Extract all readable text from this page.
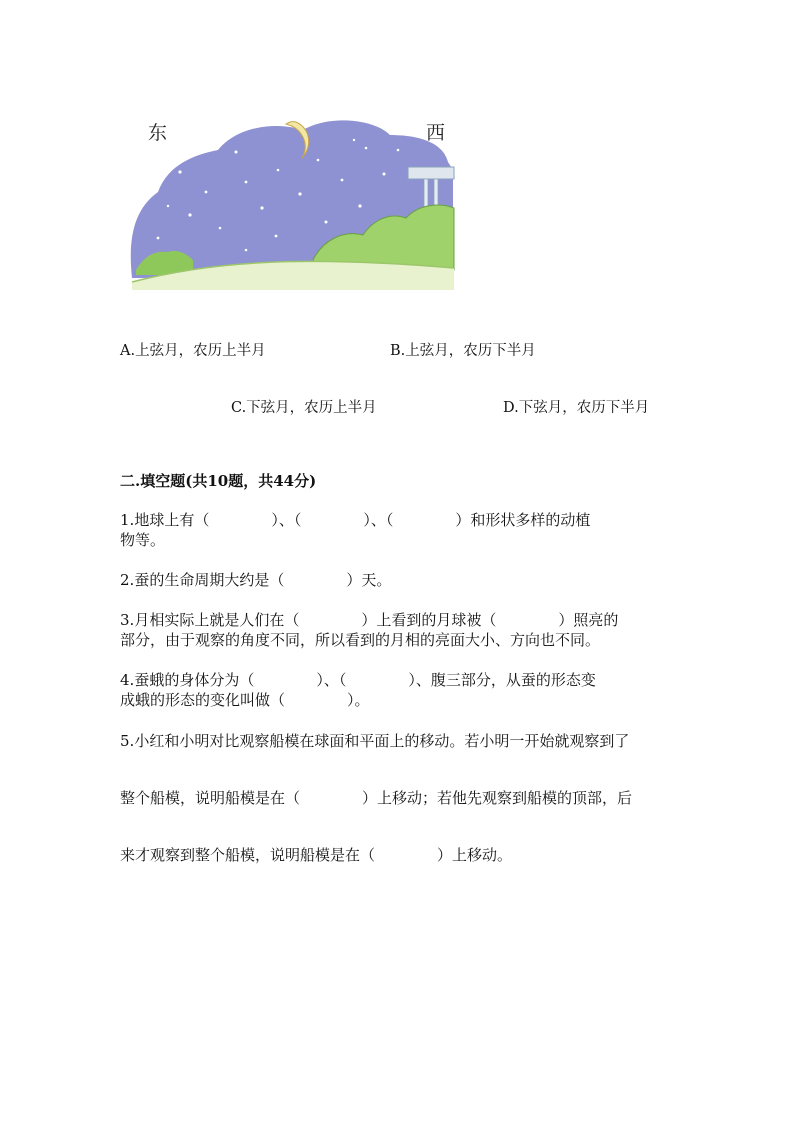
东	西
A.上弦月，农历上半月	B.上弦月，农历下半月
C.下弦月，农历上半月	D.下弦月，农历下半月
二.填空题(共10题，共44分)
1.地球上有（	）、（	）、（	）和形状多样的动植
物等。
2.蚕的生命周期大约是（	）天。
3.月相实际上就是人们在（	）上看到的月球被（	）照亮的
部分，由于观察的角度不同，所以看到的月相的亮面大小、方向也不同。
4.蚕蛾的身体分为（	）、（	）、腹三部分，从蚕的形态变
成蛾的形态的变化叫做（	）。
5.小红和小明对比观察船模在球面和平面上的移动。若小明一开始就观察到了
整个船模，说明船模是在（	）上移动；若他先观察到船模的顶部，后
来才观察到整个船模，说明船模是在（	）上移动。
